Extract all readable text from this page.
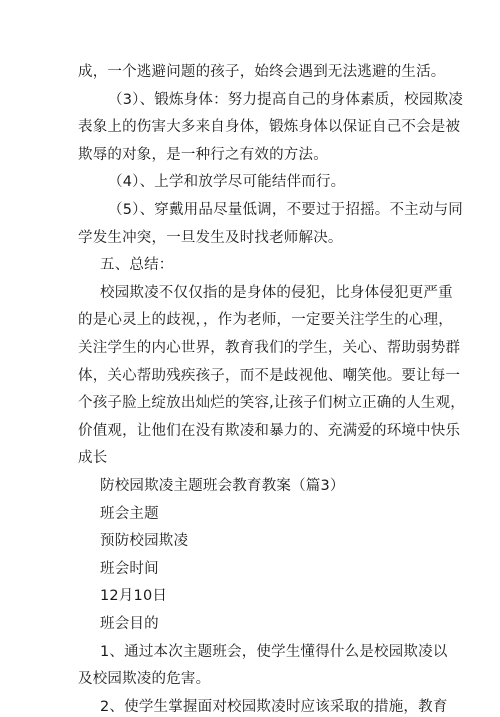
成，一个逃避问题的孩子，始终会遇到无法逃避的生活。
（3）、锻炼身体：努力提高自己的身体素质，校园欺凌
表象上的伤害大多来自身体，锻炼身体以保证自己不会是被
欺辱的对象，是一种行之有效的方法。
（4）、上学和放学尽可能结伴而行。
（5）、穿戴用品尽量低调，不要过于招摇。不主动与同
学发生冲突，一旦发生及时找老师解决。
五、总结：
校园欺凌不仅仅指的是身体的侵犯，比身体侵犯更严重
的是心灵上的歧视，，作为老师，一定要关注学生的心理，
关注学生的内心世界，教育我们的学生，关心、帮助弱势群
体，关心帮助残疾孩子，而不是歧视他、嘲笑他。要让每一
个孩子脸上绽放出灿烂的笑容,让孩子们树立正确的人生观，
价值观，让他们在没有欺凌和暴力的、充满爱的环境中快乐
成长
防校园欺凌主题班会教育教案（篇3）
班会主题
预防校园欺凌
班会时间
12月10日
班会目的
1、通过本次主题班会，使学生懂得什么是校园欺凌以
及校园欺凌的危害。
2、使学生掌握面对校园欺凌时应该采取的措施，教育
